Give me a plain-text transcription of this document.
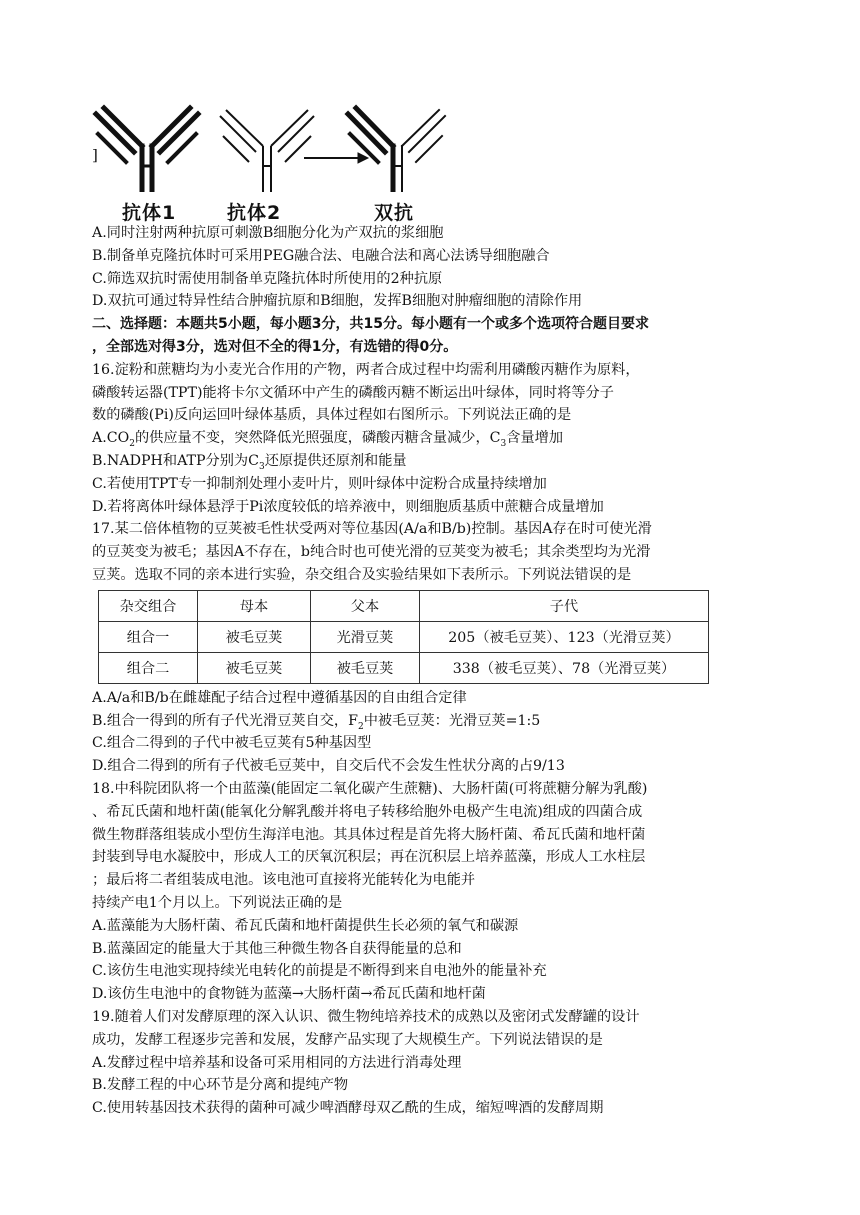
]
抗体1	抗体2	双抗
A.同时注射两种抗原可刺激B细胞分化为产双抗的浆细胞
B.制备单克隆抗体时可采用PEG融合法、电融合法和离心法诱导细胞融合
C.筛选双抗时需使用制备单克隆抗体时所使用的2种抗原
D.双抗可通过特异性结合肿瘤抗原和B细胞，发挥B细胞对肿瘤细胞的清除作用
二、选择题：本题共5小题，每小题3分，共15分。每小题有一个或多个选项符合题目要求
，全部选对得3分，选对但不全的得1分，有选错的得0分。
16.淀粉和蔗糖均为小麦光合作用的产物，两者合成过程中均需利用磷酸丙糖作为原料，
磷酸转运器(TPT)能将卡尔文循环中产生的磷酸丙糖不断运出叶绿体，同时将等分子
数的磷酸(Pi)反向运回叶绿体基质，具体过程如右图所示。下列说法正确的是
$A.CO_2$的供应量不变，突然降低光照强度，磷酸丙糖含量减少，$C_3$含量增加
B.NADPH和ATP分别为$C_3$还原提供还原剂和能量
C.若使用TPT专一抑制剂处理小麦叶片，则叶绿体中淀粉合成量持续增加
D.若将离体叶绿体悬浮于Pi浓度较低的培养液中，则细胞质基质中蔗糖合成量增加
17.某二倍体植物的豆荚被毛性状受两对等位基因(A/a和B/b)控制。基因A存在时可使光滑
的豆荚变为被毛；基因A不存在，b纯合时也可使光滑的豆荚变为被毛；其余类型均为光滑
豆荚。选取不同的亲本进行实验，杂交组合及实验结果如下表所示。下列说法错误的是
杂交组合	母本	父本	子代
组合一	被毛豆荚	光滑豆荚	205（被毛豆荚）、123（光滑豆荚）
组合二	被毛豆荚	被毛豆荚	338（被毛豆荚）、78（光滑豆荚）
A.A/a和B/b在雌雄配子结合过程中遵循基因的自由组合定律
B.组合一得到的所有子代光滑豆荚自交，$F_2$中被毛豆荚：光滑豆荚=1:5
C.组合二得到的子代中被毛豆荚有5种基因型
D.组合二得到的所有子代被毛豆荚中，自交后代不会发生性状分离的占9/13
18.中科院团队将一个由蓝藻(能固定二氧化碳产生蔗糖)、大肠杆菌(可将蔗糖分解为乳酸)
、希瓦氏菌和地杆菌(能氧化分解乳酸并将电子转移给胞外电极产生电流)组成的四菌合成
微生物群落组装成小型仿生海洋电池。其具体过程是首先将大肠杆菌、希瓦氏菌和地杆菌
封装到导电水凝胶中，形成人工的厌氧沉积层；再在沉积层上培养蓝藻，形成人工水柱层
；最后将二者组装成电池。该电池可直接将光能转化为电能并
持续产电1个月以上。下列说法正确的是
A.蓝藻能为大肠杆菌、希瓦氏菌和地杆菌提供生长必须的氧气和碳源
B.蓝藻固定的能量大于其他三种微生物各自获得能量的总和
C.该仿生电池实现持续光电转化的前提是不断得到来自电池外的能量补充
D.该仿生电池中的食物链为蓝藻→大肠杆菌→希瓦氏菌和地杆菌
19.随着人们对发酵原理的深入认识、微生物纯培养技术的成熟以及密闭式发酵罐的设计
成功，发酵工程逐步完善和发展，发酵产品实现了大规模生产。下列说法错误的是
A.发酵过程中培养基和设备可采用相同的方法进行消毒处理
B.发酵工程的中心环节是分离和提纯产物
C.使用转基因技术获得的菌种可减少啤酒酵母双乙酰的生成，缩短啤酒的发酵周期
